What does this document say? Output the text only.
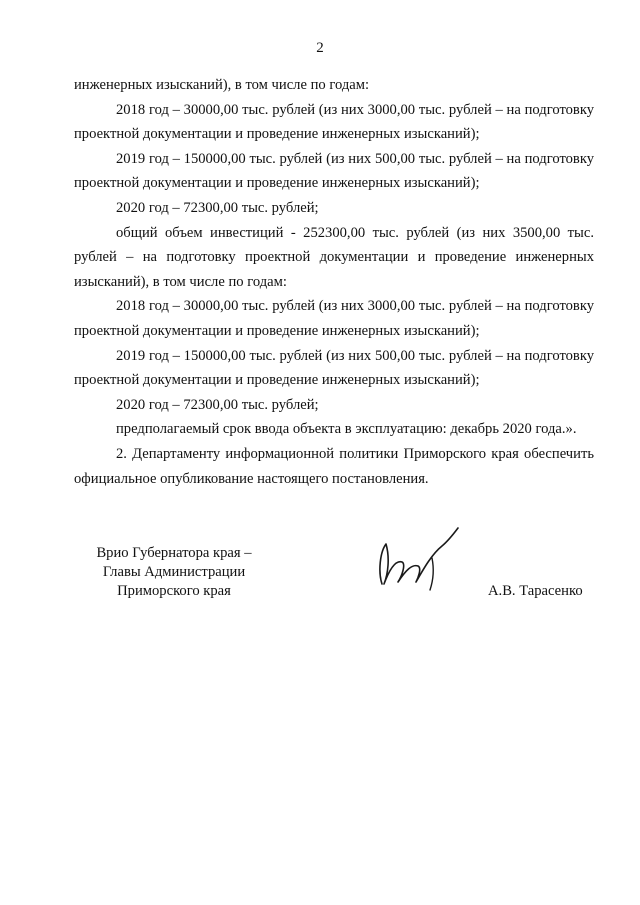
2

инженерных изысканий), в том числе по годам:

2018 год – 30000,00 тыс. рублей (из них 3000,00 тыс. рублей – на подготовку проектной документации и проведение инженерных изысканий);

2019 год – 150000,00 тыс. рублей (из них 500,00 тыс. рублей – на подготовку проектной документации и проведение инженерных изысканий);

2020 год – 72300,00 тыс. рублей;

общий объем инвестиций - 252300,00 тыс. рублей (из них 3500,00 тыс. рублей – на подготовку проектной документации и проведение инженерных изысканий), в том числе по годам:

2018 год – 30000,00 тыс. рублей (из них 3000,00 тыс. рублей – на подготовку проектной документации и проведение инженерных изысканий);

2019 год – 150000,00 тыс. рублей (из них 500,00 тыс. рублей – на подготовку проектной документации и проведение инженерных изысканий);

2020 год – 72300,00 тыс. рублей;

предполагаемый срок ввода объекта в эксплуатацию: декабрь 2020 года.».

2. Департаменту информационной политики Приморского края обеспечить официальное опубликование настоящего постановления.

Врио Губернатора края –
Главы Администрации
Приморского края	А.В. Тарасенко
